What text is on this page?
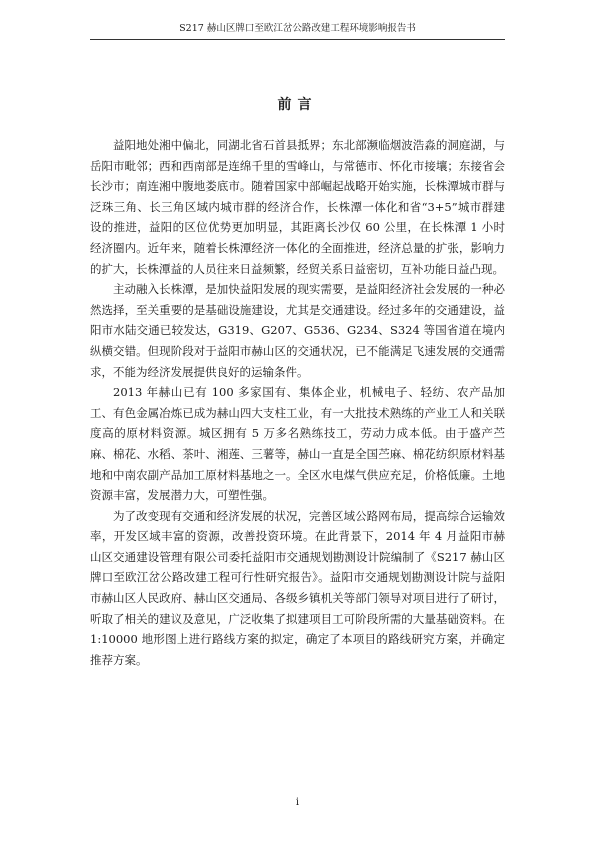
S217 赫山区牌口至欧江岔公路改建工程环境影响报告书
前言

益阳地处湘中偏北，同湖北省石首县抵界；东北部濒临烟波浩淼的洞庭湖，与岳阳市毗邻；西和西南部是连绵千里的雪峰山，与常德市、怀化市接壤；东接省会长沙市；南连湘中腹地娄底市。随着国家中部崛起战略开始实施，长株潭城市群与泛珠三角、长三角区域内城市群的经济合作，长株潭一体化和省“3+5”城市群建设的推进，益阳的区位优势更加明显，其距离长沙仅 60 公里，在长株潭 1 小时经济圈内。近年来，随着长株潭经济一体化的全面推进，经济总量的扩张，影响力的扩大，长株潭益的人员往来日益频繁，经贸关系日益密切，互补功能日益凸现。

主动融入长株潭，是加快益阳发展的现实需要，是益阳经济社会发展的一种必然选择，至关重要的是基础设施建设，尤其是交通建设。经过多年的交通建设，益阳市水陆交通已较发达，G319、G207、G536、G234、S324 等国省道在境内纵横交错。但现阶段对于益阳市赫山区的交通状况，已不能满足飞速发展的交通需求，不能为经济发展提供良好的运输条件。

2013 年赫山已有 100 多家国有、集体企业，机械电子、轻纺、农产品加工、有色金属冶炼已成为赫山四大支柱工业，有一大批技术熟练的产业工人和关联度高的原材料资源。城区拥有 5 万多名熟练技工，劳动力成本低。由于盛产苎麻、棉花、水稻、茶叶、湘莲、三薯等，赫山一直是全国苎麻、棉花纺织原材料基地和中南农副产品加工原材料基地之一。全区水电煤气供应充足，价格低廉。土地资源丰富，发展潜力大，可塑性强。

为了改变现有交通和经济发展的状况，完善区域公路网布局，提高综合运输效率，开发区域丰富的资源，改善投资环境。在此背景下，2014 年 4 月益阳市赫山区交通建设管理有限公司委托益阳市交通规划勘测设计院编制了《S217 赫山区牌口至欧江岔公路改建工程可行性研究报告》。益阳市交通规划勘测设计院与益阳市赫山区人民政府、赫山区交通局、各级乡镇机关等部门领导对项目进行了研讨，听取了相关的建议及意见，广泛收集了拟建项目工可阶段所需的大量基础资料。在 1:10000 地形图上进行路线方案的拟定，确定了本项目的路线研究方案，并确定推荐方案。

i
